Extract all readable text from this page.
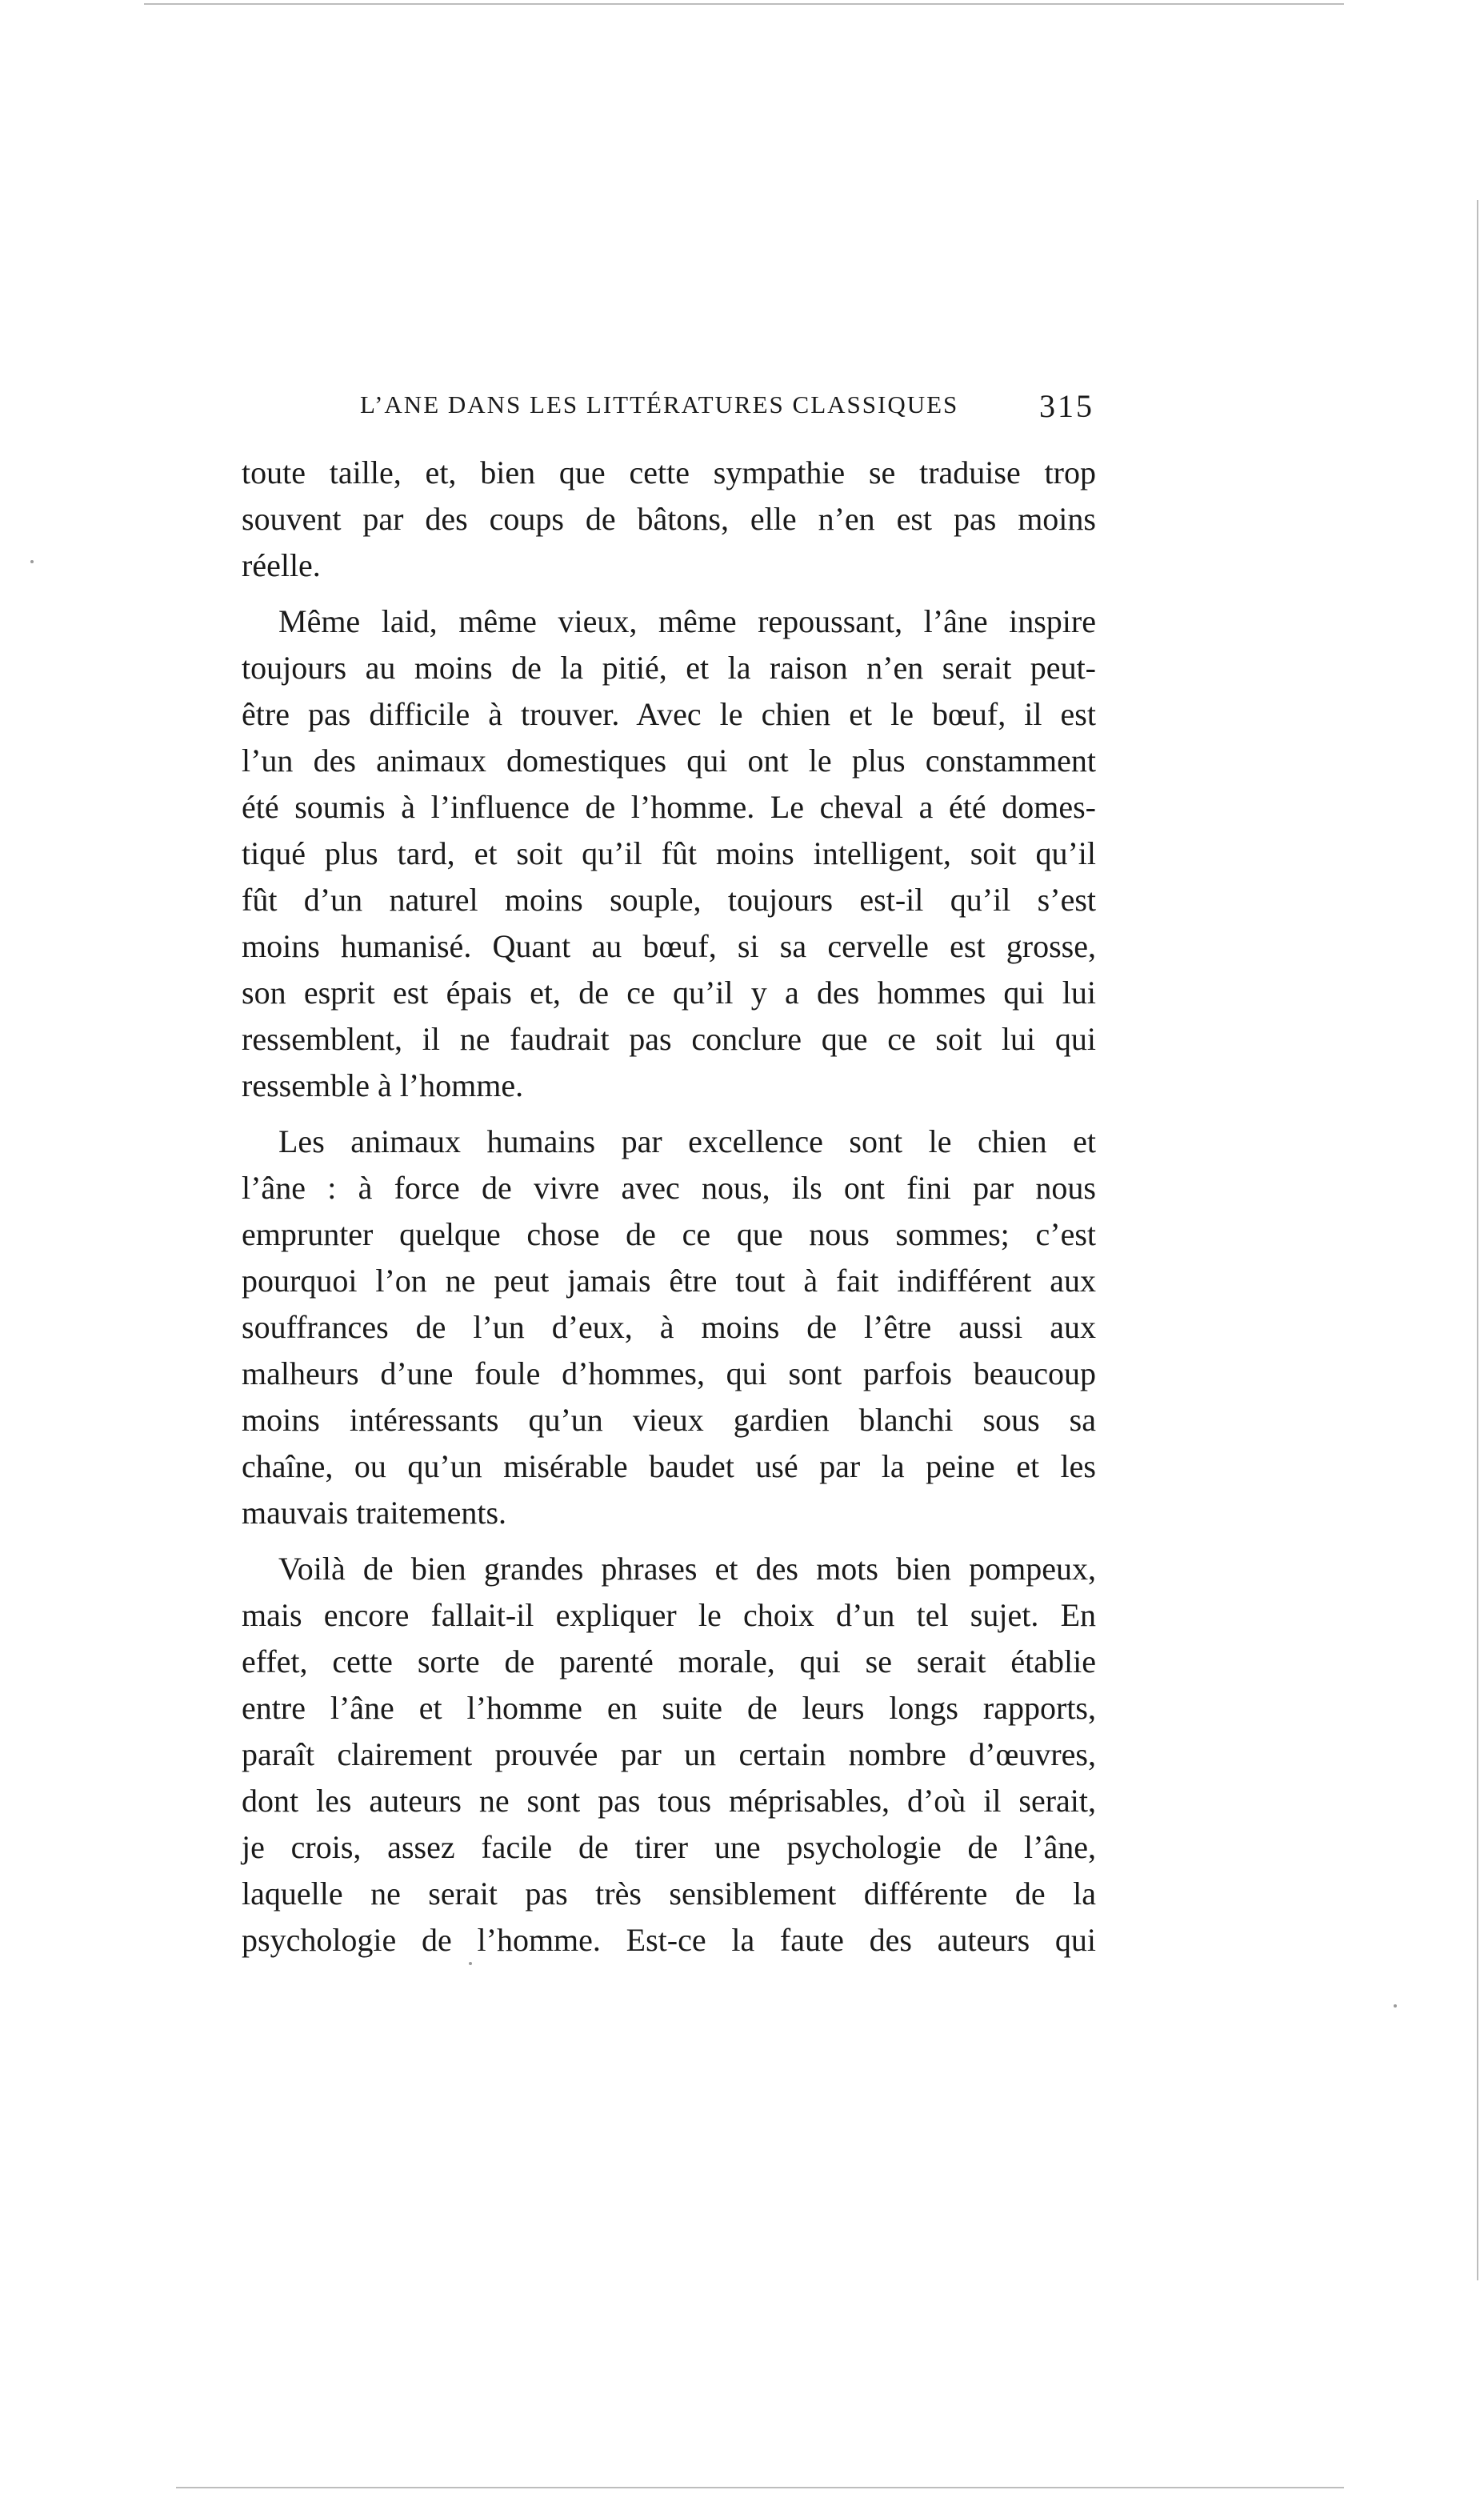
L’ANE DANS LES LITTÉRATURES CLASSIQUES	315
toute taille, et, bien que cette sympathie se traduise trop
souvent par des coups de bâtons, elle n’en est pas moins
réelle.
Même laid, même vieux, même repoussant, l’âne inspire
toujours au moins de la pitié, et la raison n’en serait peut-
être pas difficile à trouver. Avec le chien et le bœuf, il est
l’un des animaux domestiques qui ont le plus constamment
été soumis à l’influence de l’homme. Le cheval a été domes-
tiqué plus tard, et soit qu’il fût moins intelligent, soit qu’il
fût d’un naturel moins souple, toujours est-il qu’il s’est
moins humanisé. Quant au bœuf, si sa cervelle est grosse,
son esprit est épais et, de ce qu’il y a des hommes qui lui
ressemblent, il ne faudrait pas conclure que ce soit lui qui
ressemble à l’homme.
Les animaux humains par excellence sont le chien et
l’âne : à force de vivre avec nous, ils ont fini par nous
emprunter quelque chose de ce que nous sommes; c’est
pourquoi l’on ne peut jamais être tout à fait indifférent aux
souffrances de l’un d’eux, à moins de l’être aussi aux
malheurs d’une foule d’hommes, qui sont parfois beaucoup
moins intéressants qu’un vieux gardien blanchi sous sa
chaîne, ou qu’un misérable baudet usé par la peine et les
mauvais traitements.
Voilà de bien grandes phrases et des mots bien pompeux,
mais encore fallait-il expliquer le choix d’un tel sujet. En
effet, cette sorte de parenté morale, qui se serait établie
entre l’âne et l’homme en suite de leurs longs rapports,
paraît clairement prouvée par un certain nombre d’œuvres,
dont les auteurs ne sont pas tous méprisables, d’où il serait,
je crois, assez facile de tirer une psychologie de l’âne,
laquelle ne serait pas très sensiblement différente de la
psychologie de l’homme. Est-ce la faute des auteurs qui
